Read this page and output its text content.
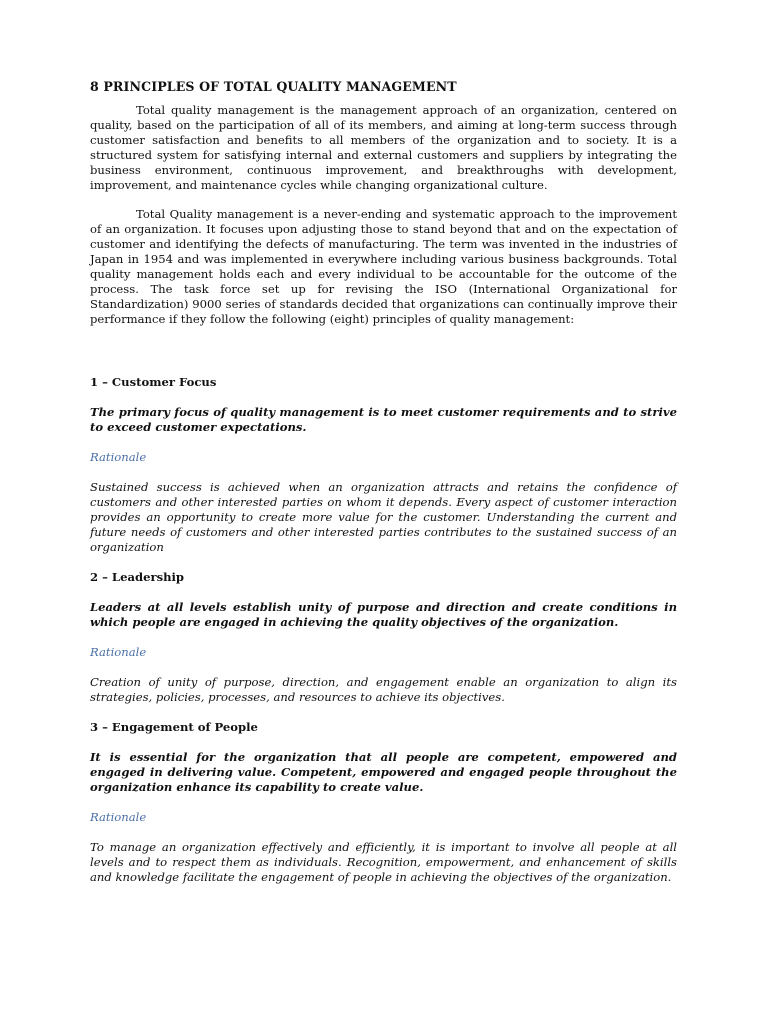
8 PRINCIPLES OF TOTAL QUALITY MANAGEMENT

Total quality management is the management approach of an organization, centered on quality, based on the participation of all of its members, and aiming at long-term success through customer satisfaction and benefits to all members of the organization and to society. It is a structured system for satisfying internal and external customers and suppliers by integrating the business environment, continuous improvement, and breakthroughs with development, improvement, and maintenance cycles while changing organizational culture.

Total Quality management is a never-ending and systematic approach to the improvement of an organization. It focuses upon adjusting those to stand beyond that and on the expectation of customer and identifying the defects of manufacturing. The term was invented in the industries of Japan in 1954 and was implemented in everywhere including various business backgrounds. Total quality management holds each and every individual to be accountable for the outcome of the process. The task force set up for revising the ISO (International Organizational for Standardization) 9000 series of standards decided that organizations can continually improve their performance if they follow the following (eight) principles of quality management:

1 – Customer Focus

The primary focus of quality management is to meet customer requirements and to strive to exceed customer expectations.

Rationale

Sustained success is achieved when an organization attracts and retains the confidence of customers and other interested parties on whom it depends. Every aspect of customer interaction provides an opportunity to create more value for the customer. Understanding the current and future needs of customers and other interested parties contributes to the sustained success of an organization

2 – Leadership

Leaders at all levels establish unity of purpose and direction and create conditions in which people are engaged in achieving the quality objectives of the organization.

Rationale

Creation of unity of purpose, direction, and engagement enable an organization to align its strategies, policies, processes, and resources to achieve its objectives.

3 – Engagement of People

It is essential for the organization that all people are competent, empowered and engaged in delivering value. Competent, empowered and engaged people throughout the organization enhance its capability to create value.

Rationale

To manage an organization effectively and efficiently, it is important to involve all people at all levels and to respect them as individuals. Recognition, empowerment, and enhancement of skills and knowledge facilitate the engagement of people in achieving the objectives of the organization.
